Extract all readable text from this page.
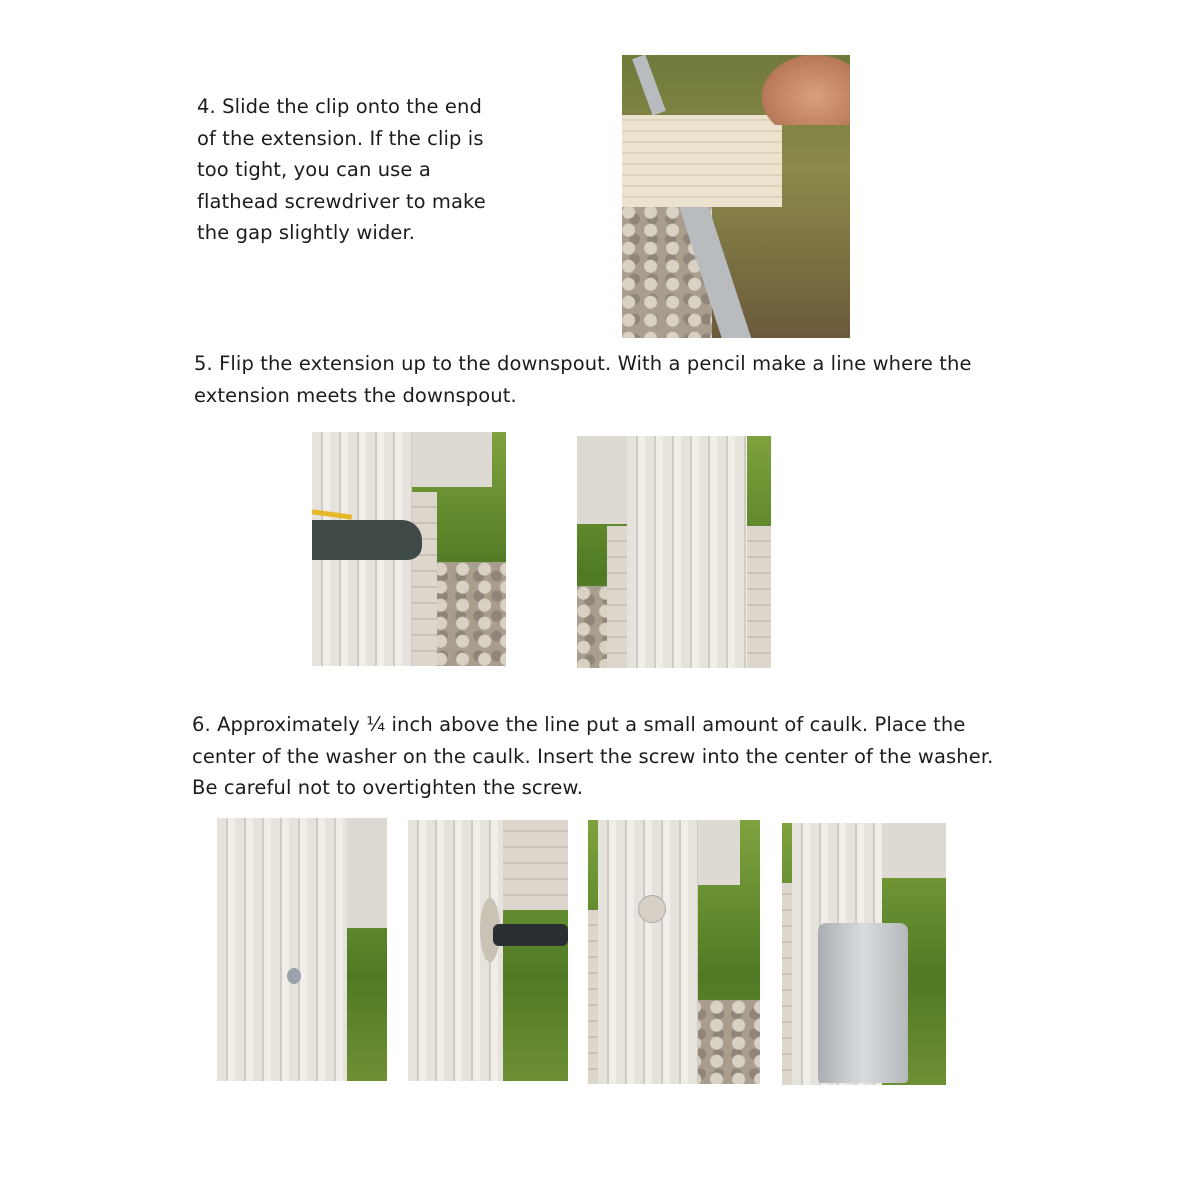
4. Slide the clip onto the end
of the extension. If the clip is
too tight, you can use a
flathead screwdriver to make
the gap slightly wider.
5. Flip the extension up to the downspout. With a pencil make a line where the
extension meets the downspout.
6. Approximately ¼ inch above the line put a small amount of caulk. Place the
center of the washer on the caulk. Insert the screw into the center of the washer.
Be careful not to overtighten the screw.
